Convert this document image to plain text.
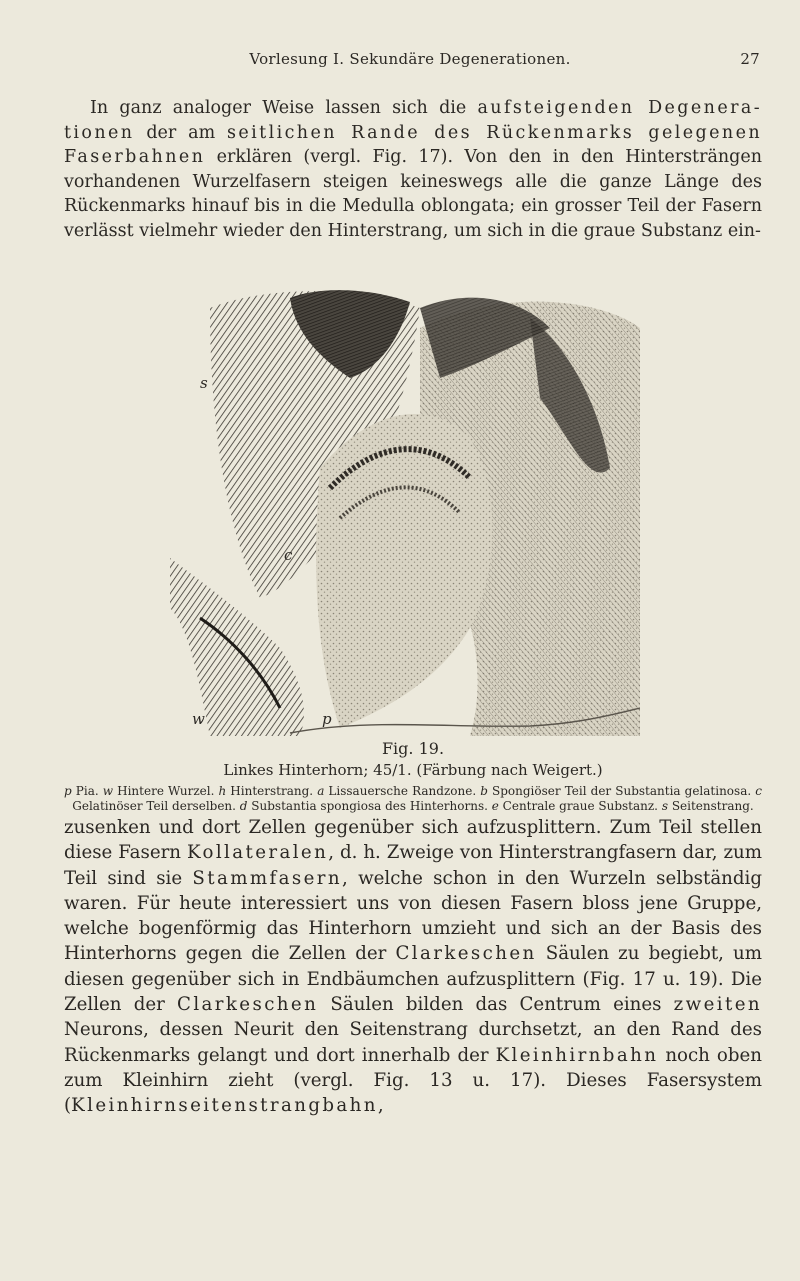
Vorlesung I. Sekundäre Degenerationen.	27

In ganz analoger Weise lassen sich die aufsteigenden Degenera-tionen der am seitlichen Rande des Rückenmarks gelegenen Faserbahnen erklären (vergl. Fig. 17). Von den in den Hintersträngen vorhandenen Wurzelfasern steigen keineswegs alle die ganze Länge des Rückenmarks hinauf bis in die Medulla oblongata; ein grosser Teil der Fasern verlässt vielmehr wieder den Hinterstrang, um sich in die graue Substanz ein-

s
c
w	p
Fig. 19.
Linkes Hinterhorn; 45/1. (Färbung nach Weigert.)
p Pia. w Hintere Wurzel. h Hinterstrang. a Lissauersche Randzone. b Spongiöser Teil der Substantia gelatinosa. c Gelatinöser Teil derselben. d Substantia spongiosa des Hinterhorns. e Centrale graue Substanz. s Seitenstrang.

zusenken und dort Zellen gegenüber sich aufzusplittern. Zum Teil stellen diese Fasern Kollateralen, d. h. Zweige von Hinterstrangfasern dar, zum Teil sind sie Stammfasern, welche schon in den Wurzeln selbständig waren. Für heute interessiert uns von diesen Fasern bloss jene Gruppe, welche bogenförmig das Hinterhorn umzieht und sich an der Basis des Hinterhorns gegen die Zellen der Clarkeschen Säulen zu begiebt, um diesen gegenüber sich in Endbäumchen aufzusplittern (Fig. 17 u. 19). Die Zellen der Clarkeschen Säulen bilden das Centrum eines zweiten Neurons, dessen Neurit den Seitenstrang durchsetzt, an den Rand des Rückenmarks gelangt und dort innerhalb der Kleinhirnbahn noch oben zum Kleinhirn zieht (vergl. Fig. 13 u. 17). Dieses Fasersystem (Kleinhirnseitenstrangbahn,
